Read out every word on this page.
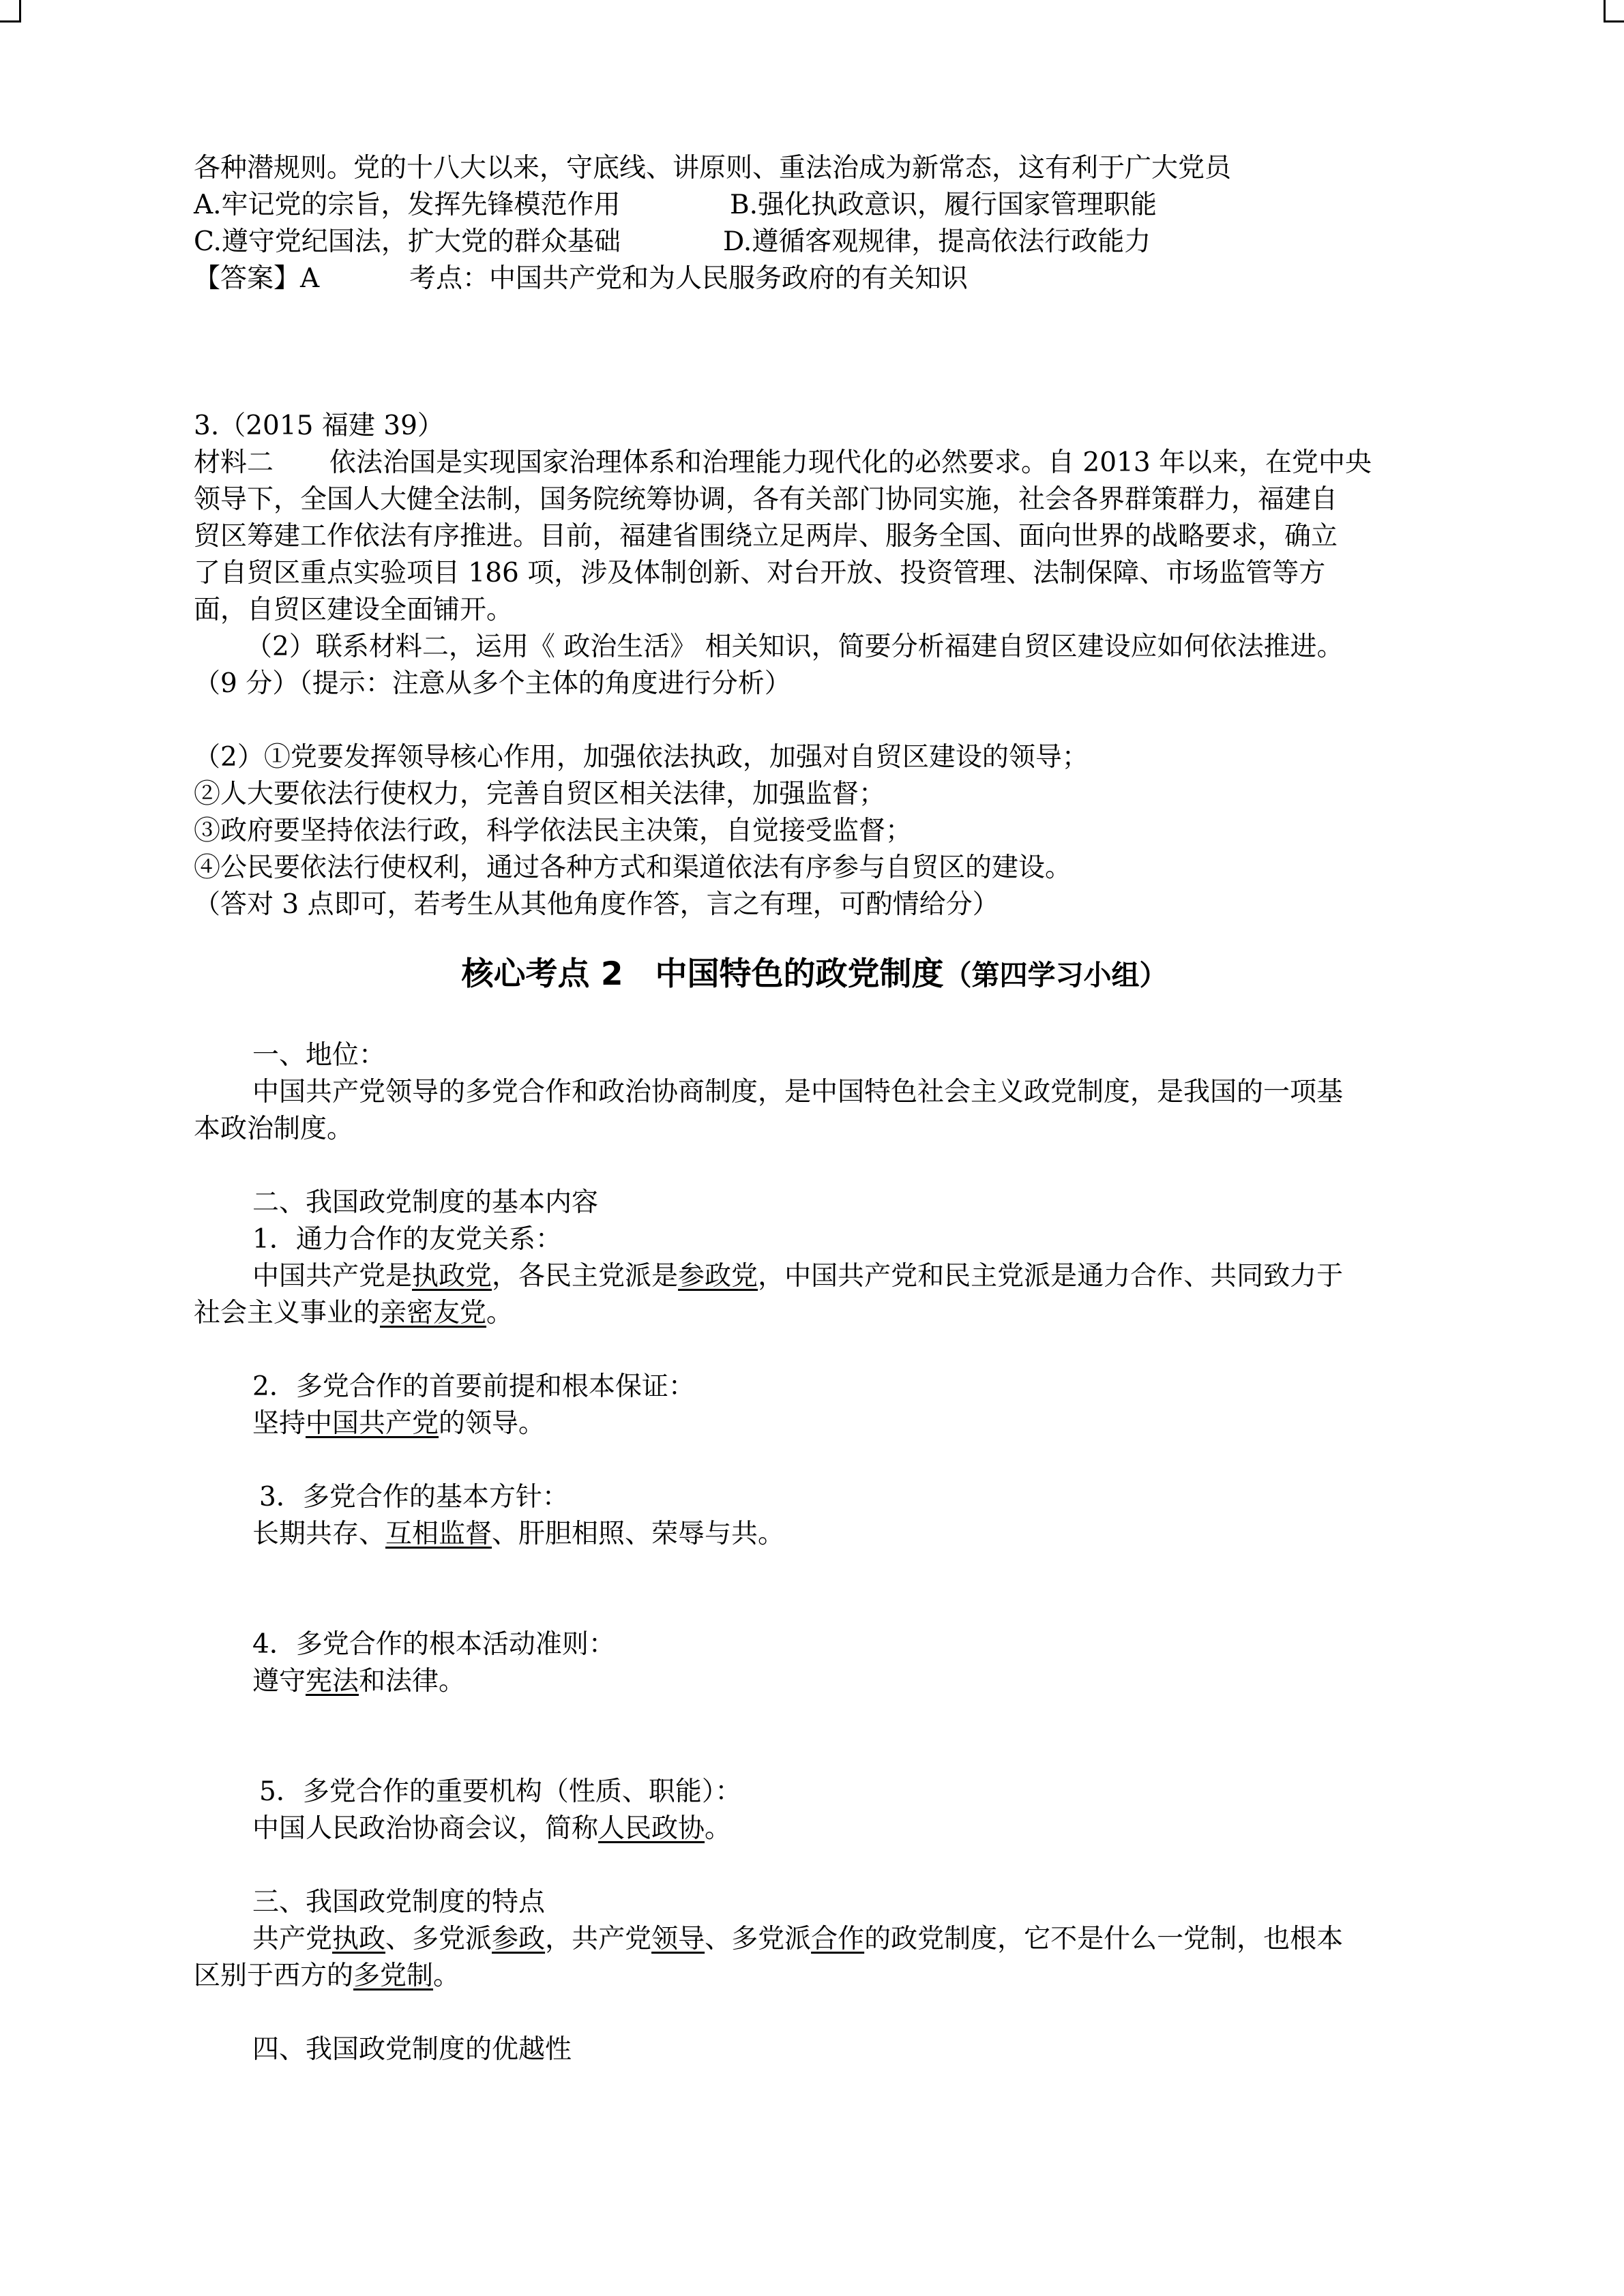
各种潜规则。党的十八大以来，守底线、讲原则、重法治成为新常态，这有利于广大党员
A.牢记党的宗旨，发挥先锋模范作用	B.强化执政意识，履行国家管理职能
C.遵守党纪国法，扩大党的群众基础	D.遵循客观规律，提高依法行政能力
【答案】A	考点：中国共产党和为人民服务政府的有关知识
3.（2015 福建 39）
材料二 依法治国是实现国家治理体系和治理能力现代化的必然要求。自 2013 年以来，在党中央
领导下，全国人大健全法制，国务院统筹协调，各有关部门协同实施，社会各界群策群力，福建自
贸区筹建工作依法有序推进。目前，福建省围绕立足两岸、服务全国、面向世界的战略要求，确立
了自贸区重点实验项目 186 项，涉及体制创新、对台开放、投资管理、法制保障、市场监管等方
面，自贸区建设全面铺开。
（2）联系材料二，运用《 政治生活》 相关知识，简要分析福建自贸区建设应如何依法推进。
（9 分）（提示：注意从多个主体的角度进行分析）
（2）①党要发挥领导核心作用，加强依法执政，加强对自贸区建设的领导；
②人大要依法行使权力，完善自贸区相关法律，加强监督；
③政府要坚持依法行政，科学依法民主决策，自觉接受监督；
④公民要依法行使权利，通过各种方式和渠道依法有序参与自贸区的建设。
（答对 3 点即可，若考生从其他角度作答，言之有理，可酌情给分）
核心考点 2　中国特色的政党制度（第四学习小组）
一、地位：
中国共产党领导的多党合作和政治协商制度，是中国特色社会主义政党制度，是我国的一项基
本政治制度。
二、我国政党制度的基本内容
1．通力合作的友党关系：
中国共产党是执政党，各民主党派是参政党，中国共产党和民主党派是通力合作、共同致力于
社会主义事业的亲密友党。
2．多党合作的首要前提和根本保证：
坚持中国共产党的领导。
3．多党合作的基本方针：
长期共存、互相监督、肝胆相照、荣辱与共。
4．多党合作的根本活动准则：
遵守宪法和法律。
5．多党合作的重要机构（性质、职能）：
中国人民政治协商会议，简称人民政协。
三、我国政党制度的特点
共产党执政、多党派参政，共产党领导、多党派合作的政党制度，它不是什么一党制，也根本
区别于西方的多党制。
四、我国政党制度的优越性
